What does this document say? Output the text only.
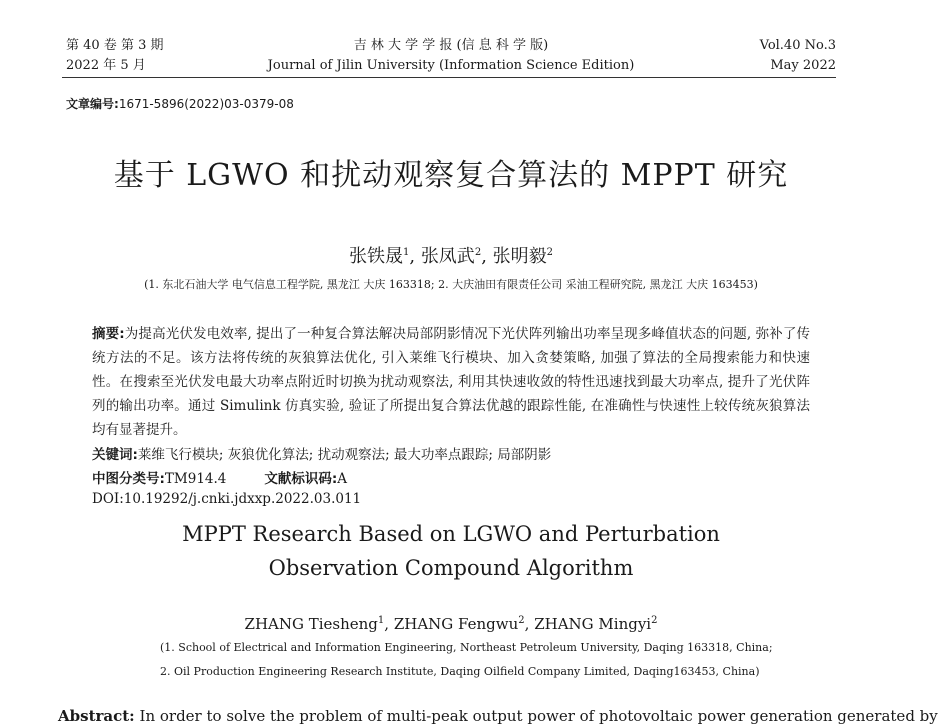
第 40 卷 第 3 期
2022 年 5 月
吉 林 大 学 学 报 (信 息 科 学 版)
Journal of Jilin University (Information Science Edition)
Vol.40 No.3
May 2022
文章编号:1671-5896(2022)03-0379-08
基于 LGWO 和扰动观察复合算法的 MPPT 研究
张铁晟$^1$, 张凤武$^2$, 张明毅$^2$
(1. 东北石油大学 电气信息工程学院, 黑龙江 大庆 163318; 2. 大庆油田有限责任公司 采油工程研究院, 黑龙江 大庆 163453)
摘要:为提高光伏发电效率, 提出了一种复合算法解决局部阴影情况下光伏阵列输出功率呈现多峰值状态的问题, 弥补了传统方法的不足。该方法将传统的灰狼算法优化, 引入莱维飞行模块、加入贪婪策略, 加强了算法的全局搜索能力和快速性。在搜索至光伏发电最大功率点附近时切换为扰动观察法, 利用其快速收敛的特性迅速找到最大功率点, 提升了光伏阵列的输出功率。通过 Simulink 仿真实验, 验证了所提出复合算法优越的跟踪性能, 在准确性与快速性上较传统灰狼算法均有显著提升。
关键词:莱维飞行模块; 灰狼优化算法; 扰动观察法; 最大功率点跟踪; 局部阴影
中图分类号:TM914.4	文献标识码:A
DOI:10.19292/j.cnki.jdxxp.2022.03.011
MPPT Research Based on LGWO and Perturbation
Observation Compound Algorithm
ZHANG Tiesheng$^1$, ZHANG Fengwu$^2$, ZHANG Mingyi$^2$
(1. School of Electrical and Information Engineering, Northeast Petroleum University, Daqing 163318, China;
2. Oil Production Engineering Research Institute, Daqing Oilfield Company Limited, Daqing163453, China)
Abstract: In order to solve the problem of multi-peak output power of photovoltaic power generation generated by
